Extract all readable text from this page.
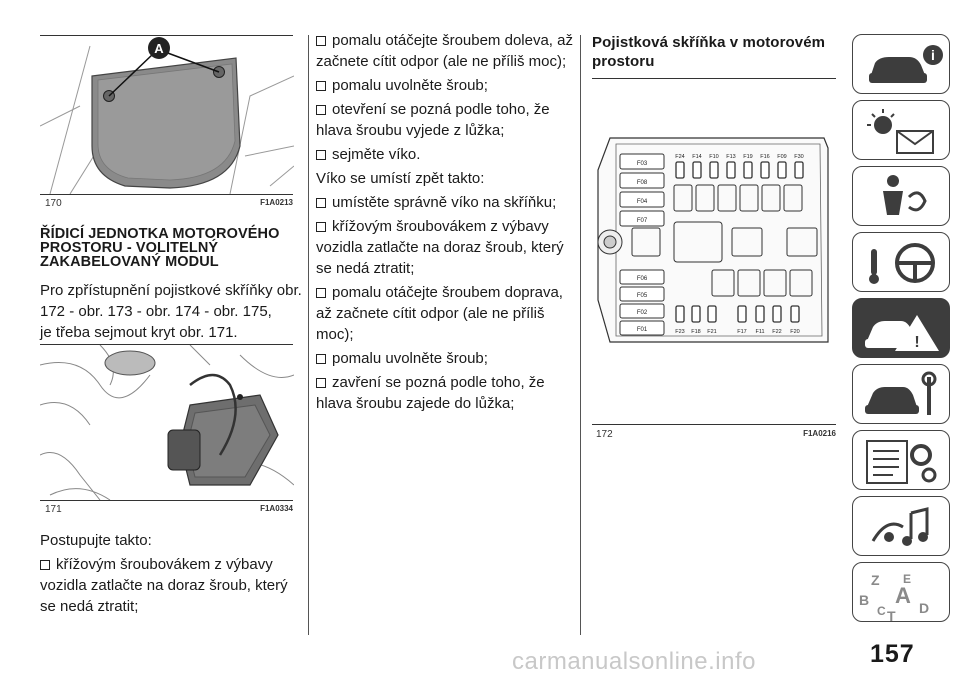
A
170	F1A0213
ŘÍDICÍ JEDNOTKA MOTOROVÉHO
PROSTORU - VOLITELNÝ
ZAKABELOVANÝ MODUL
Pro zpřístupnění pojistkové skříňky obr.
172 - obr. 173 - obr. 174 - obr. 175,
je třeba sejmout kryt obr. 171.
171	F1A0334
Postupujte takto:
křížovým šroubovákem z výbavy
vozidla zatlačte na doraz šroub, který
se nedá ztratit;
pomalu otáčejte šroubem doleva, až
začnete cítit odpor (ale ne příliš moc);
pomalu uvolněte šroub;
otevření se pozná podle toho, že
hlava šroubu vyjede z lůžka;
sejměte víko.
Víko se umístí zpět takto:
umístěte správně víko na skříňku;
křížovým šroubovákem z výbavy
vozidla zatlačte na doraz šroub, který
se nedá ztratit;
pomalu otáčejte šroubem doprava,
až začnete cítit odpor (ale ne příliš
moc);
pomalu uvolněte šroub;
zavření se pozná podle toho, že
hlava šroubu zajede do lůžka;
Pojistková skříňka v motorovém
prostoru
F03
F08
F04
F07
F06
F05
F02
F01
F24 F14 F10 F13 F19 F16 F09 F30
F23 F18 F21	F17 F11 F22 F20
172	F1A0216
i
!
Z E
B A
C T D
157
carmanualsonline.info
